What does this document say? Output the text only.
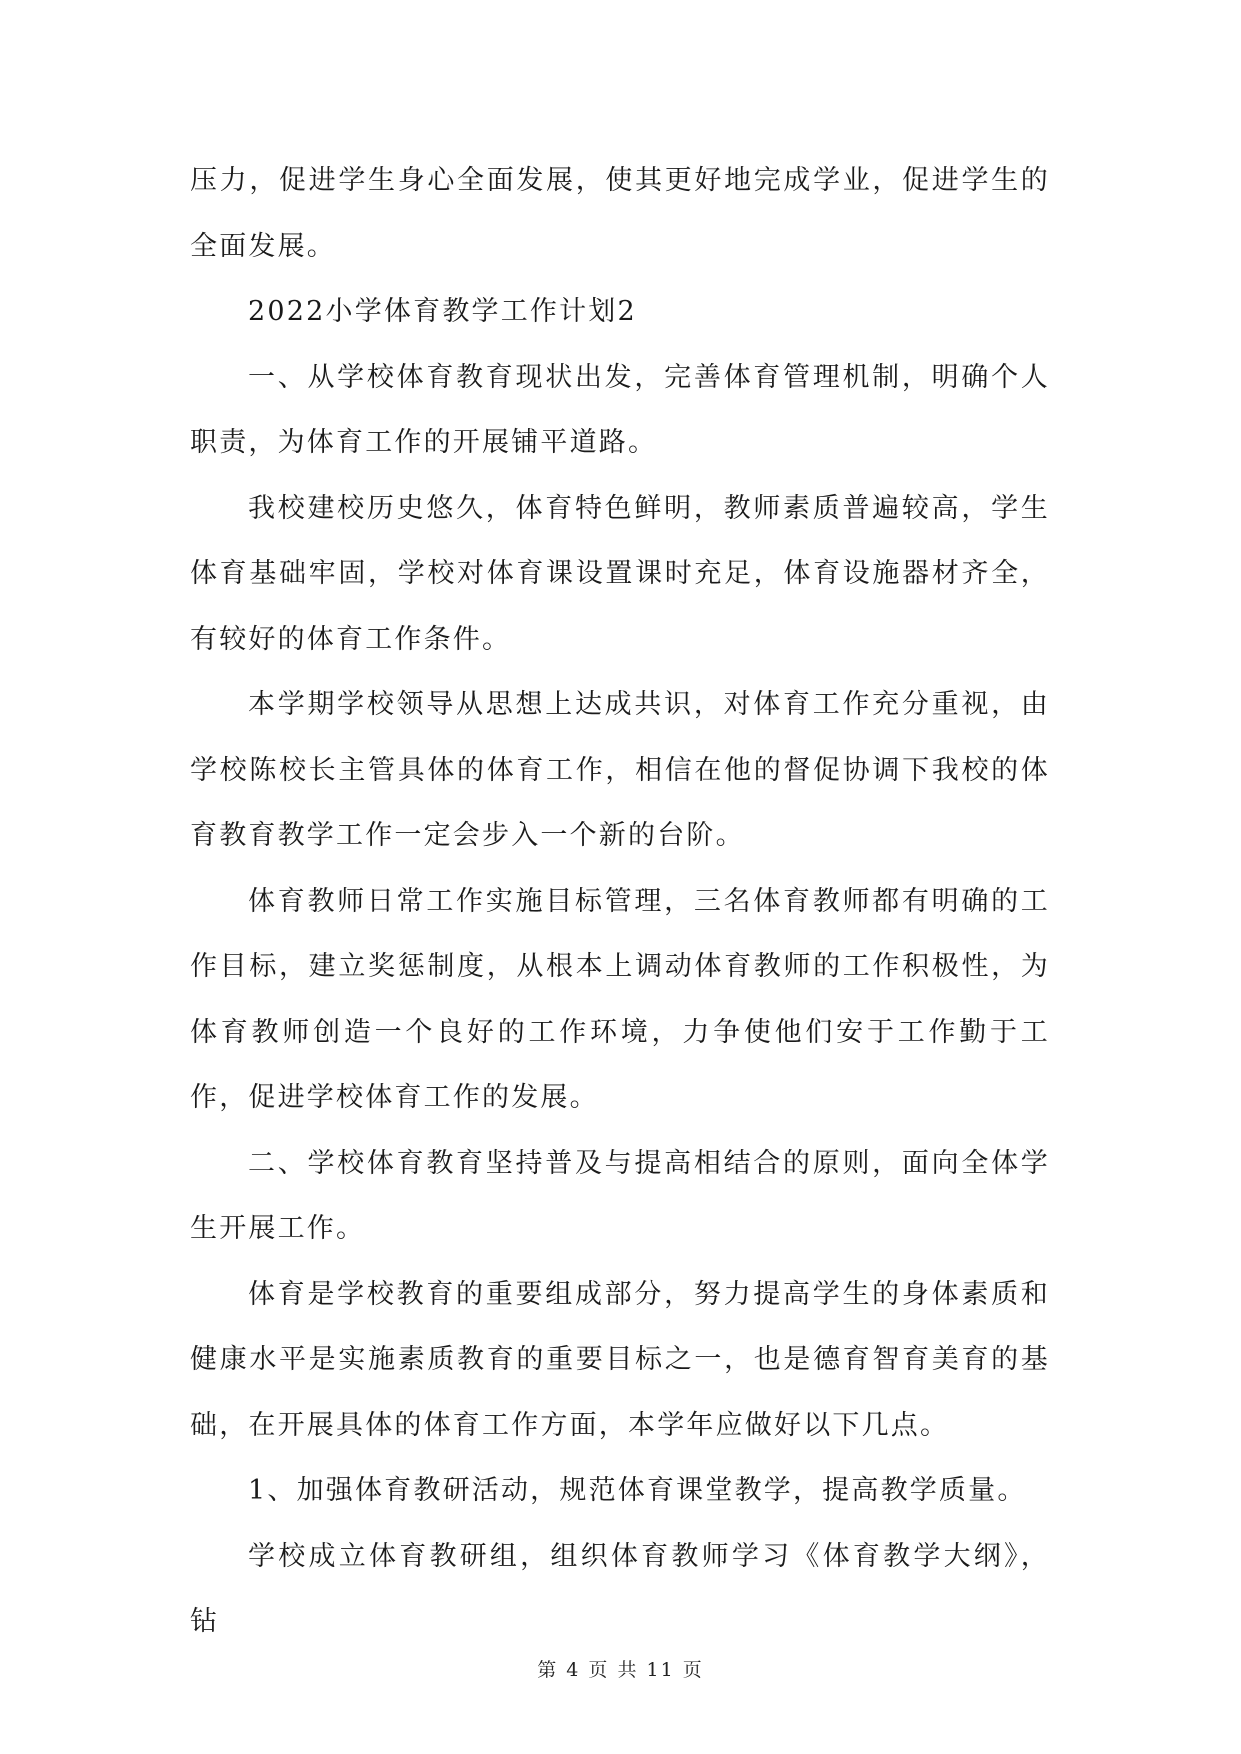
压力，促进学生身心全面发展，使其更好地完成学业，促进学生的全面发展。

2022小学体育教学工作计划2

一、从学校体育教育现状出发，完善体育管理机制，明确个人职责，为体育工作的开展铺平道路。

我校建校历史悠久，体育特色鲜明，教师素质普遍较高，学生体育基础牢固，学校对体育课设置课时充足，体育设施器材齐全，有较好的体育工作条件。

本学期学校领导从思想上达成共识，对体育工作充分重视，由学校陈校长主管具体的体育工作，相信在他的督促协调下我校的体育教育教学工作一定会步入一个新的台阶。

体育教师日常工作实施目标管理，三名体育教师都有明确的工作目标，建立奖惩制度，从根本上调动体育教师的工作积极性，为体育教师创造一个良好的工作环境，力争使他们安于工作勤于工作，促进学校体育工作的发展。

二、学校体育教育坚持普及与提高相结合的原则，面向全体学生开展工作。

体育是学校教育的重要组成部分，努力提高学生的身体素质和健康水平是实施素质教育的重要目标之一，也是德育智育美育的基础，在开展具体的体育工作方面，本学年应做好以下几点。

1、加强体育教研活动，规范体育课堂教学，提高教学质量。

学校成立体育教研组，组织体育教师学习《体育教学大纲》，钻

第 4 页 共 11 页
